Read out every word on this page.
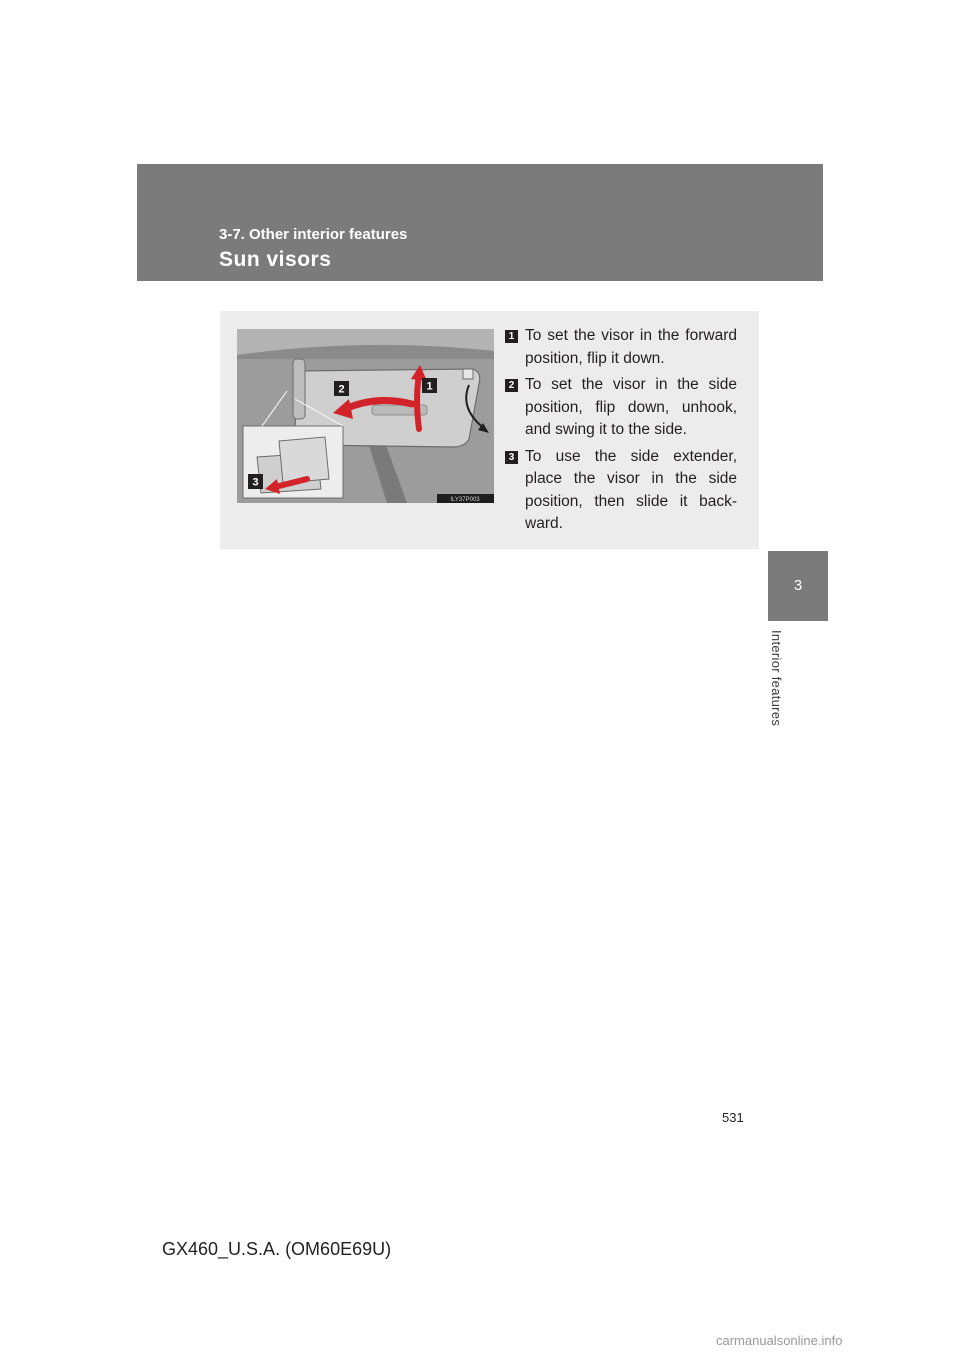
3-7. Other interior features
Sun visors
3
Interior features
2	1
3
ILY37P003
1 To set the visor in the forward position, flip it down.
2 To set the visor in the side position, flip down, unhook, and swing it to the side.
3 To use the side extender, place the visor in the side position, then slide it back-ward.
531
GX460_U.S.A. (OM60E69U)
carmanualsonline.info
